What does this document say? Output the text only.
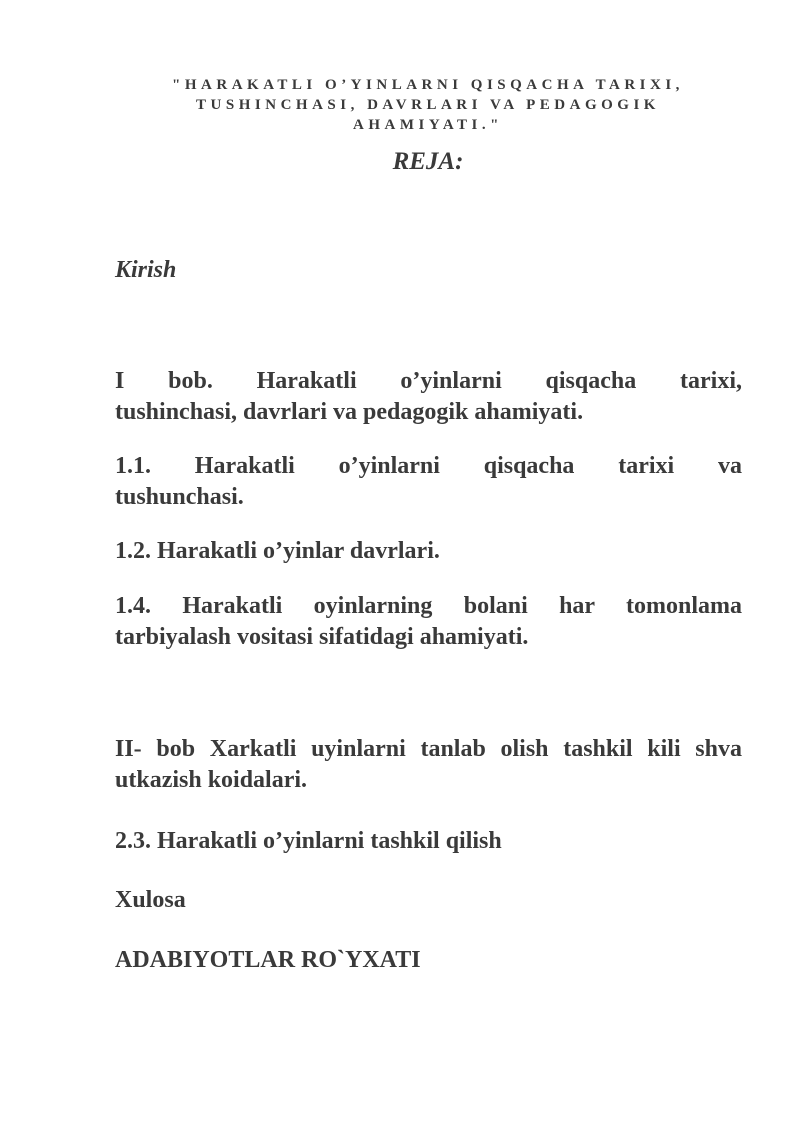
"HARAKATLI O’YINLARNI QISQACHA TARIXI,
TUSHINCHASI, DAVRLARI VA PEDAGOGIK
AHAMIYATI."
REJA:
Kirish
I bob. Harakatli o’yinlarni qisqacha tarixi,
tushinchasi, davrlari va pedagogik ahamiyati.
1.1. Harakatli o’yinlarni qisqacha tarixi va
tushunchasi.
1.2. Harakatli o’yinlar davrlari.
1.4. Harakatli oyinlarning bolani har tomonlama
tarbiyalash vositasi sifatidagi ahamiyati.
II- bob Xarkatli uyinlarni tanlab olish tashkil kili shva
utkazish koidalari.
2.3. Harakatli o’yinlarni tashkil qilish
Xulosa
ADABIYOTLAR RO`YXATI
